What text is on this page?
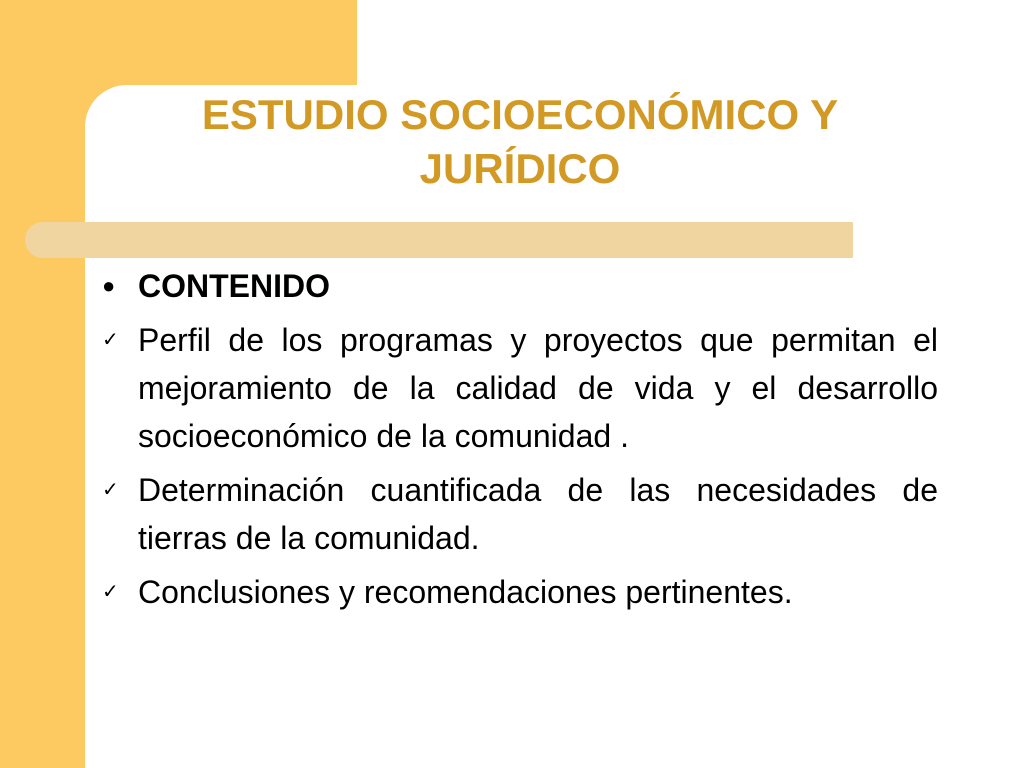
ESTUDIO SOCIOECONÓMICO Y
JURÍDICO
● CONTENIDO
✓ Perfil de los programas y proyectos que permitan el mejoramiento de la calidad de vida y el desarrollo socioeconómico de la comunidad .
✓ Determinación cuantificada de las necesidades de tierras de la comunidad.
✓ Conclusiones y recomendaciones pertinentes.
